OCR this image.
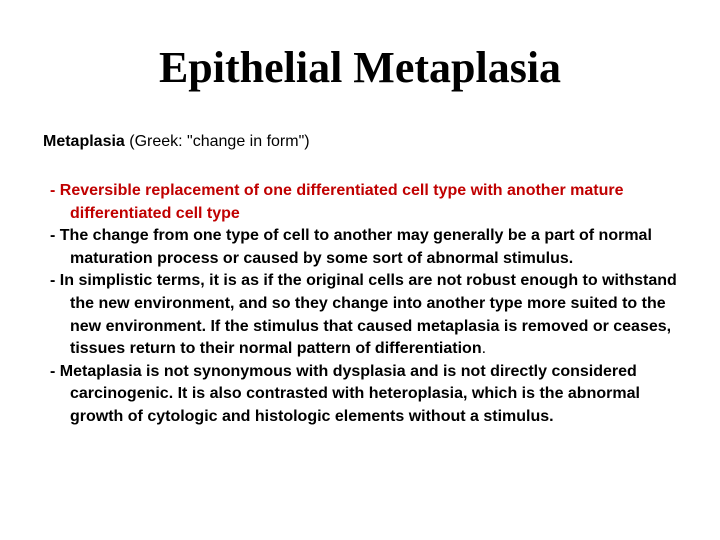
Epithelial Metaplasia

Metaplasia (Greek: "change in form")

- Reversible replacement of one differentiated cell type with another mature differentiated cell type
- The change from one type of cell to another may generally be a part of normal maturation process or caused by some sort of abnormal stimulus.
- In simplistic terms, it is as if the original cells are not robust enough to withstand the new environment, and so they change into another type more suited to the new environment. If the stimulus that caused metaplasia is removed or ceases, tissues return to their normal pattern of differentiation.
- Metaplasia is not synonymous with dysplasia and is not directly considered carcinogenic. It is also contrasted with heteroplasia, which is the abnormal growth of cytologic and histologic elements without a stimulus.
